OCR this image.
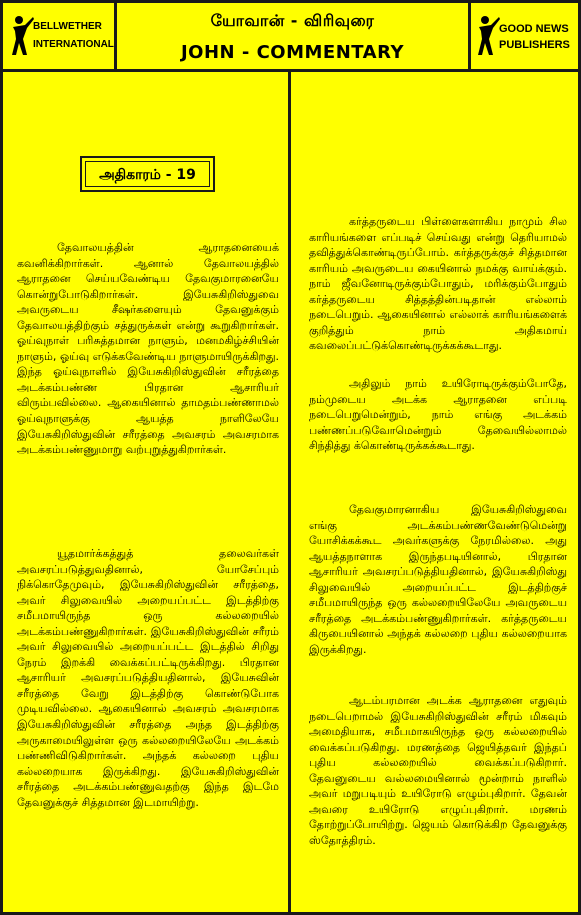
BELLWETHER
INTERNATIONAL
யோவான் - விரிவுரை
JOHN - COMMENTARY
GOOD NEWS
PUBLISHERS
அதிகாரம் - 19

தேவாலயத்தின் ஆராதனையைக் கவனிக்கிறார்கள். ஆனால் தேவாலயத்தில் ஆராதனை செய்யவேண்டிய தேவகுமாரனையே கொன்றுபோடுகிறார்கள். இயேசுகிறிஸ்துவை அவருடைய சீஷர்களையும் தேவனுக்கும் தேவாலயத்திற்கும் சத்துருக்கள் என்று கூறுகிறார்கள். ஓய்வுநாள் பரிசுத்தமான நாளும், மனமகிழ்ச்சியின் நாளும், ஓய்வு எடுக்கவேண்டிய நாளுமாயிருக்கிறது. இந்த ஓய்வுநாளில் இயேசுகிறிஸ்துவின் சரீரத்தை அடக்கம்பண்ண பிரதான ஆசாரியர் விரும்பவில்லை. ஆகையினால் தாமதம்பண்ணாமல் ஓய்வுநாளுக்கு ஆயத்த நாளிலேயே இயேசுகிறிஸ்துவின் சரீரத்தை அவசரம் அவசரமாக அடக்கம்பண்ணுமாறு வற்புறுத்துகிறார்கள்.

யூதமார்க்கத்துத் தலைவர்கள் அவசரப்படுத்துவதினால், யோசேப்பும் நிக்கொதேமுவும், இயேசுகிறிஸ்துவின் சரீரத்தை, அவர் சிலுவையில் அறையப்பட்ட இடத்திற்கு சமீபமாயிருந்த ஒரு கல்லறையில் அடக்கம்பண்ணுகிறார்கள். இயேசுகிறிஸ்துவின் சரீரம் அவர் சிலுவையில் அறையப்பட்ட இடத்தில் சிறிது நேரம் இறக்கி வைக்கப்பட்டிருக்கிறது. பிரதான ஆசாரியர் அவசரப்படுத்தியதினால், இயேசுவின் சரீரத்தை வேறு இடத்திற்கு கொண்டுபோக முடியவில்லை. ஆகையினால் அவசரம் அவசரமாக இயேசுகிறிஸ்துவின் சரீரத்தை அந்த இடத்திற்கு அருகாமையிலுள்ள ஒரு கல்லறையிலேயே அடக்கம் பண்ணிவிடுகிறார்கள். அந்தக் கல்லறை புதிய கல்லறையாக இருக்கிறது. இயேசுகிறிஸ்துவின் சரீரத்தை அடக்கம்பண்ணுவதற்கு இந்த இடமே தேவனுக்குச் சித்தமான இடமாயிற்று.

கர்த்தருடைய பிள்ளைகளாகிய நாமும் சில காரியங்களை எப்படிச் செய்வது என்று தெரியாமல் தவித்துக்கொண்டிருப்போம். கர்த்தருக்குச் சித்தமான காரியம் அவருடைய கையினால் நமக்கு வாய்க்கும். நாம் ஜீவனோடிருக்கும்போதும், மரிக்கும்போதும் கர்த்தருடைய சித்தத்தின்படிதான் எல்லாம் நடைபெறும். ஆகையினால் எல்லாக் காரியங்களைக் குறித்தும் நாம் அதிகமாய் கவலைப்பட்டுக்கொண்டிருக்கக்கூடாது.

அதிலும் நாம் உயிரோடிருக்கும்போதே, நம்முடைய அடக்க ஆராதனை எப்படி நடைபெறுமென்றும், நாம் எங்கு அடக்கம் பண்ணப்படுவோமென்றும் தேவையில்லாமல் சிந்தித்து க்கொண்டிருக்கக்கூடாது.

தேவகுமாரனாகிய இயேசுகிறிஸ்துவை எங்கு அடக்கம்பண்ணவேண்டுமென்று யோசிக்கக்கூட அவர்களுக்கு நேரமில்லை. அது ஆயத்தநாளாக இருந்தபடியினால், பிரதான ஆசாரியர் அவசரப்படுத்தியதினால், இயேசுகிறிஸ்து சிலுவையில் அறையப்பட்ட இடத்திற்குச் சமீபமாயிருந்த ஒரு கல்லறையிலேயே அவருடைய சரீரத்தை அடக்கம்பண்ணுகிறார்கள். கர்த்தருடைய கிருபையினால் அந்தக் கல்லறை புதிய கல்லறையாக இருக்கிறது.

ஆடம்பரமான அடக்க ஆராதனை எதுவும் நடைபெறாமல் இயேசுகிறிஸ்துவின் சரீரம் மிகவும் அமைதியாக, சமீபமாகயிருந்த ஒரு கல்லறையில் வைக்கப்படுகிறது. மரணத்தை ஜெயித்தவர் இந்தப் புதிய கல்லறையில் வைக்கப்படுகிறார். தேவனுடைய வல்லமையினால் மூன்றாம் நாளில் அவர் மறுபடியும் உயிரோடு எழும்புகிறார். தேவன் அவரை உயிரோடு எழுப்புகிறார். மரணம் தோற்றுப்போயிற்று. ஜெயம் கொடுக்கிற தேவனுக்கு ஸ்தோத்திரம்.
